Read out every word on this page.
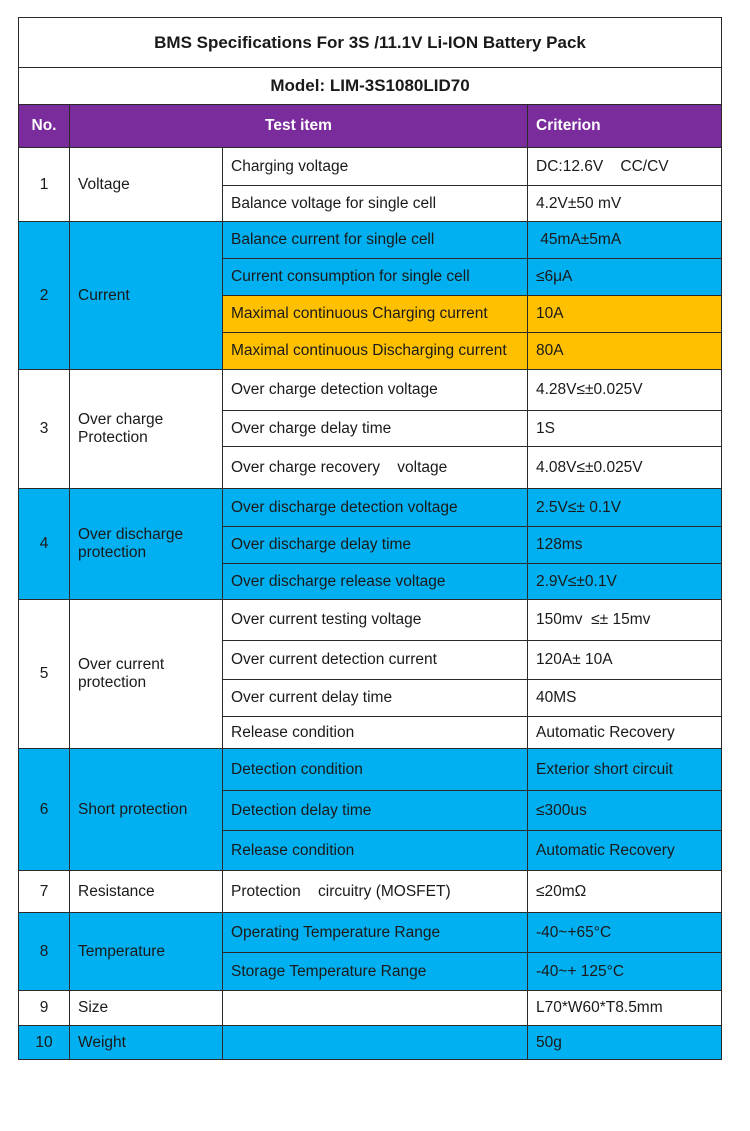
BMS Specifications For 3S /11.1V Li-ION Battery Pack			
Model: LIM-3S1080LID70			
No.	Test item		Criterion
1	Voltage	Charging voltage	DC:12.6V    CC/CV
		Balance voltage for single cell	4.2V±50 mV
2	Current	Balance current for single cell	45mA±5mA
		Current consumption for single cell	≤6μA
		Maximal continuous Charging current	10A
		Maximal continuous Discharging current	80A
3	Over charge Protection	Over charge detection voltage	4.28V≤±0.025V
		Over charge delay time	1S
		Over charge recovery    voltage	4.08V≤±0.025V
4	Over discharge protection	Over discharge detection voltage	2.5V≤± 0.1V
		Over discharge delay time	128ms
		Over discharge release voltage	2.9V≤±0.1V
5	Over current protection	Over current testing voltage	150mv  ≤± 15mv
		Over current detection current	120A± 10A
		Over current delay time	40MS
		Release condition	Automatic Recovery
6	Short protection	Detection condition	Exterior short circuit
		Detection delay time	≤300us
		Release condition	Automatic Recovery
7	Resistance	Protection    circuitry (MOSFET)	≤20mΩ
8	Temperature	Operating Temperature Range	-40~+65°C
		Storage Temperature Range	-40~+ 125°C
9	Size		L70*W60*T8.5mm
10	Weight		50g
